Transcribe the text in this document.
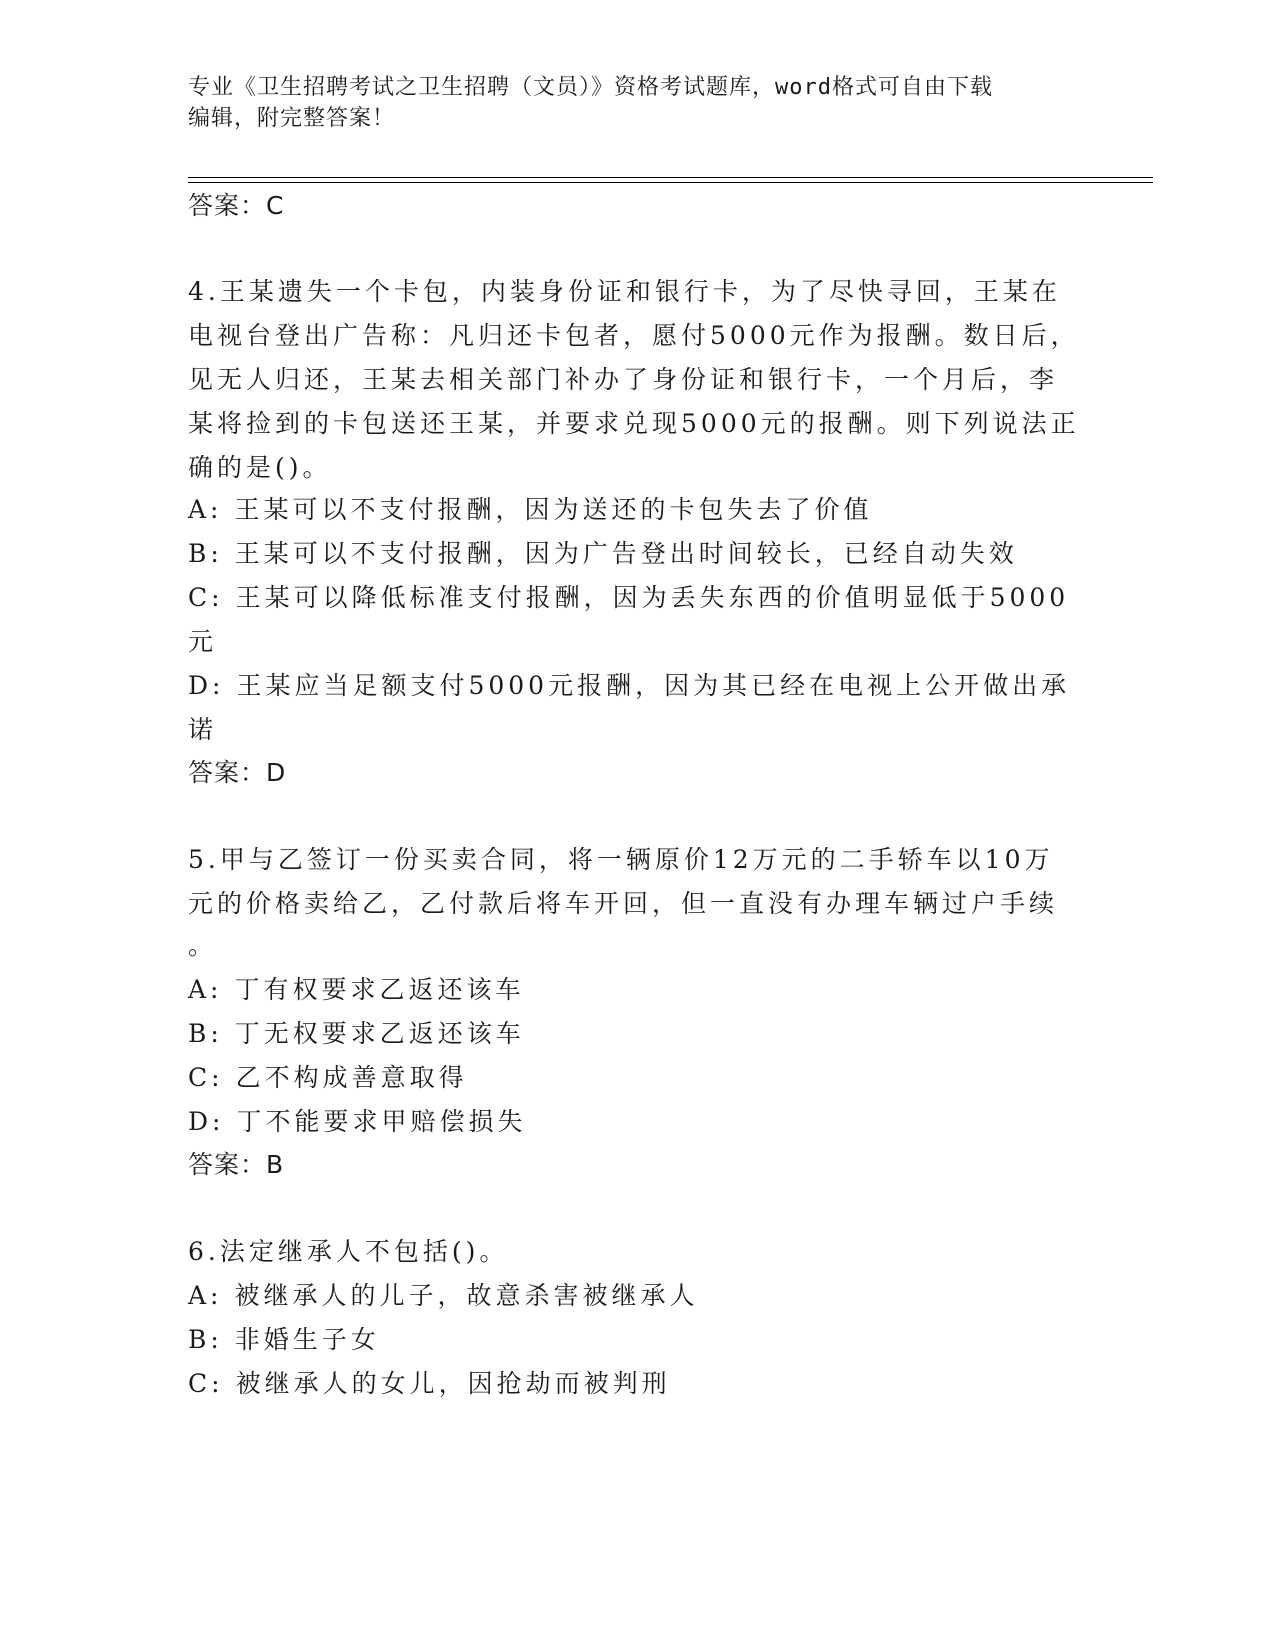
专业《卫生招聘考试之卫生招聘（文员）》资格考试题库，word格式可自由下载
编辑，附完整答案！
答案：C
4.王某遗失一个卡包，内装身份证和银行卡，为了尽快寻回，王某在
电视台登出广告称：凡归还卡包者，愿付5000元作为报酬。数日后，
见无人归还，王某去相关部门补办了身份证和银行卡，一个月后，李
某将捡到的卡包送还王某，并要求兑现5000元的报酬。则下列说法正
确的是()。
A: 王某可以不支付报酬，因为送还的卡包失去了价值
B: 王某可以不支付报酬，因为广告登出时间较长，已经自动失效
C: 王某可以降低标准支付报酬，因为丢失东西的价值明显低于5000
元
D: 王某应当足额支付5000元报酬，因为其已经在电视上公开做出承
诺
答案：D
5.甲与乙签订一份买卖合同，将一辆原价12万元的二手轿车以10万
元的价格卖给乙，乙付款后将车开回，但一直没有办理车辆过户手续
。
A: 丁有权要求乙返还该车
B: 丁无权要求乙返还该车
C: 乙不构成善意取得
D: 丁不能要求甲赔偿损失
答案：B
6.法定继承人不包括()。
A: 被继承人的儿子，故意杀害被继承人
B: 非婚生子女
C: 被继承人的女儿，因抢劫而被判刑
